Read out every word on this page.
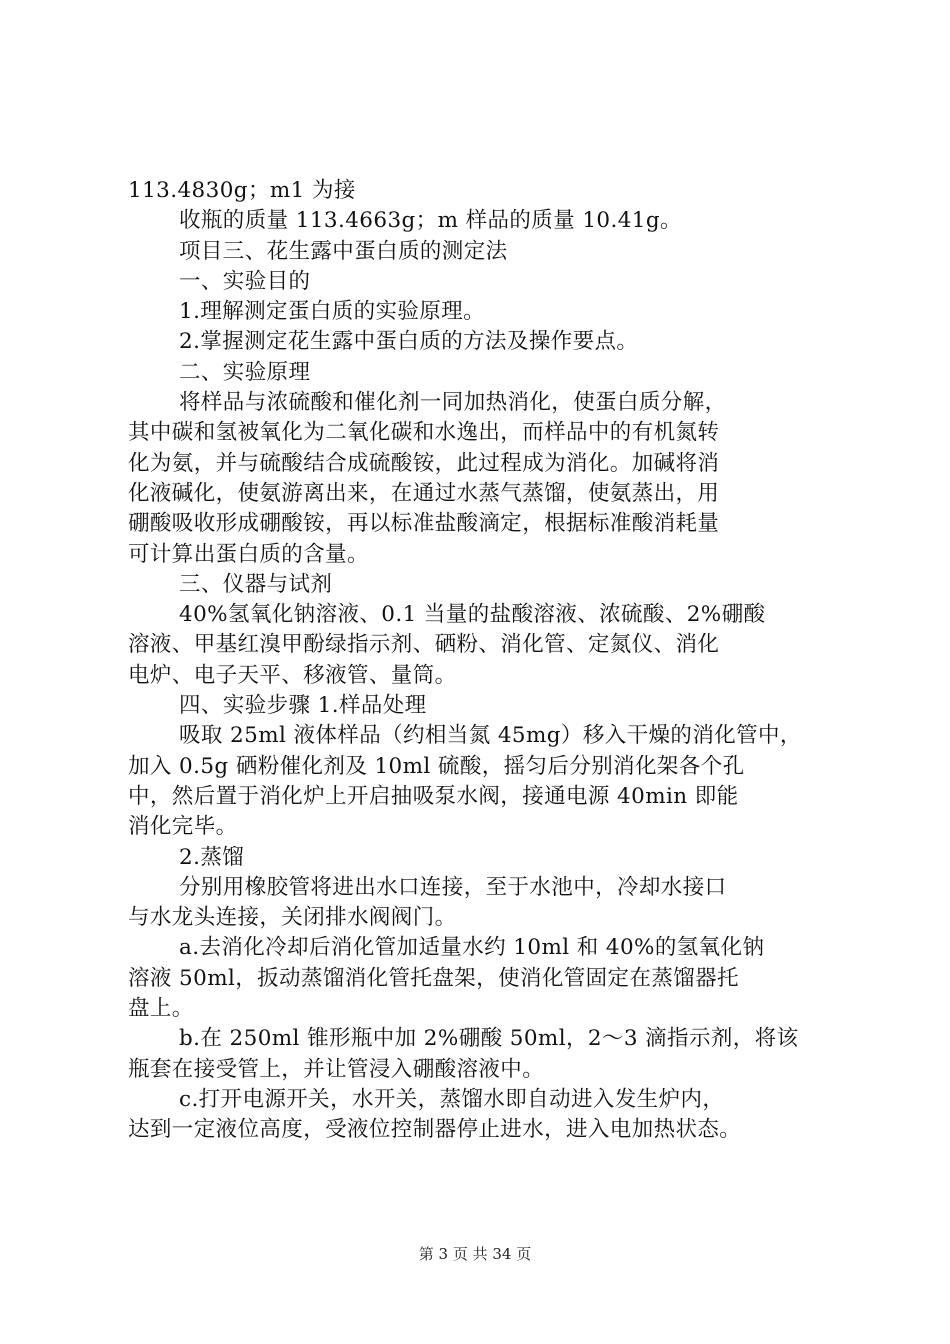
113.4830g；m1 为接
收瓶的质量 113.4663g；m 样品的质量 10.41g。
项目三、花生露中蛋白质的测定法
一、实验目的
1.理解测定蛋白质的实验原理。
2.掌握测定花生露中蛋白质的方法及操作要点。
二、实验原理
将样品与浓硫酸和催化剂一同加热消化，使蛋白质分解，
其中碳和氢被氧化为二氧化碳和水逸出，而样品中的有机氮转
化为氨，并与硫酸结合成硫酸铵，此过程成为消化。加碱将消
化液碱化，使氨游离出来，在通过水蒸气蒸馏，使氨蒸出，用
硼酸吸收形成硼酸铵，再以标准盐酸滴定，根据标准酸消耗量
可计算出蛋白质的含量。
三、仪器与试剂
40%氢氧化钠溶液、0.1 当量的盐酸溶液、浓硫酸、2%硼酸
溶液、甲基红溴甲酚绿指示剂、硒粉、消化管、定氮仪、消化
电炉、电子天平、移液管、量筒。
四、实验步骤 1.样品处理
吸取 25ml 液体样品（约相当氮 45mg）移入干燥的消化管中，
加入 0.5g 硒粉催化剂及 10ml 硫酸，摇匀后分别消化架各个孔
中，然后置于消化炉上开启抽吸泵水阀，接通电源 40min 即能
消化完毕。
2.蒸馏
分别用橡胶管将进出水口连接，至于水池中，冷却水接口
与水龙头连接，关闭排水阀阀门。
a.去消化冷却后消化管加适量水约 10ml 和 40%的氢氧化钠
溶液 50ml，扳动蒸馏消化管托盘架，使消化管固定在蒸馏器托
盘上。
b.在 250ml 锥形瓶中加 2%硼酸 50ml，2～3 滴指示剂，将该
瓶套在接受管上，并让管浸入硼酸溶液中。
c.打开电源开关，水开关，蒸馏水即自动进入发生炉内，
达到一定液位高度，受液位控制器停止进水，进入电加热状态。
第 3 页 共 34 页
